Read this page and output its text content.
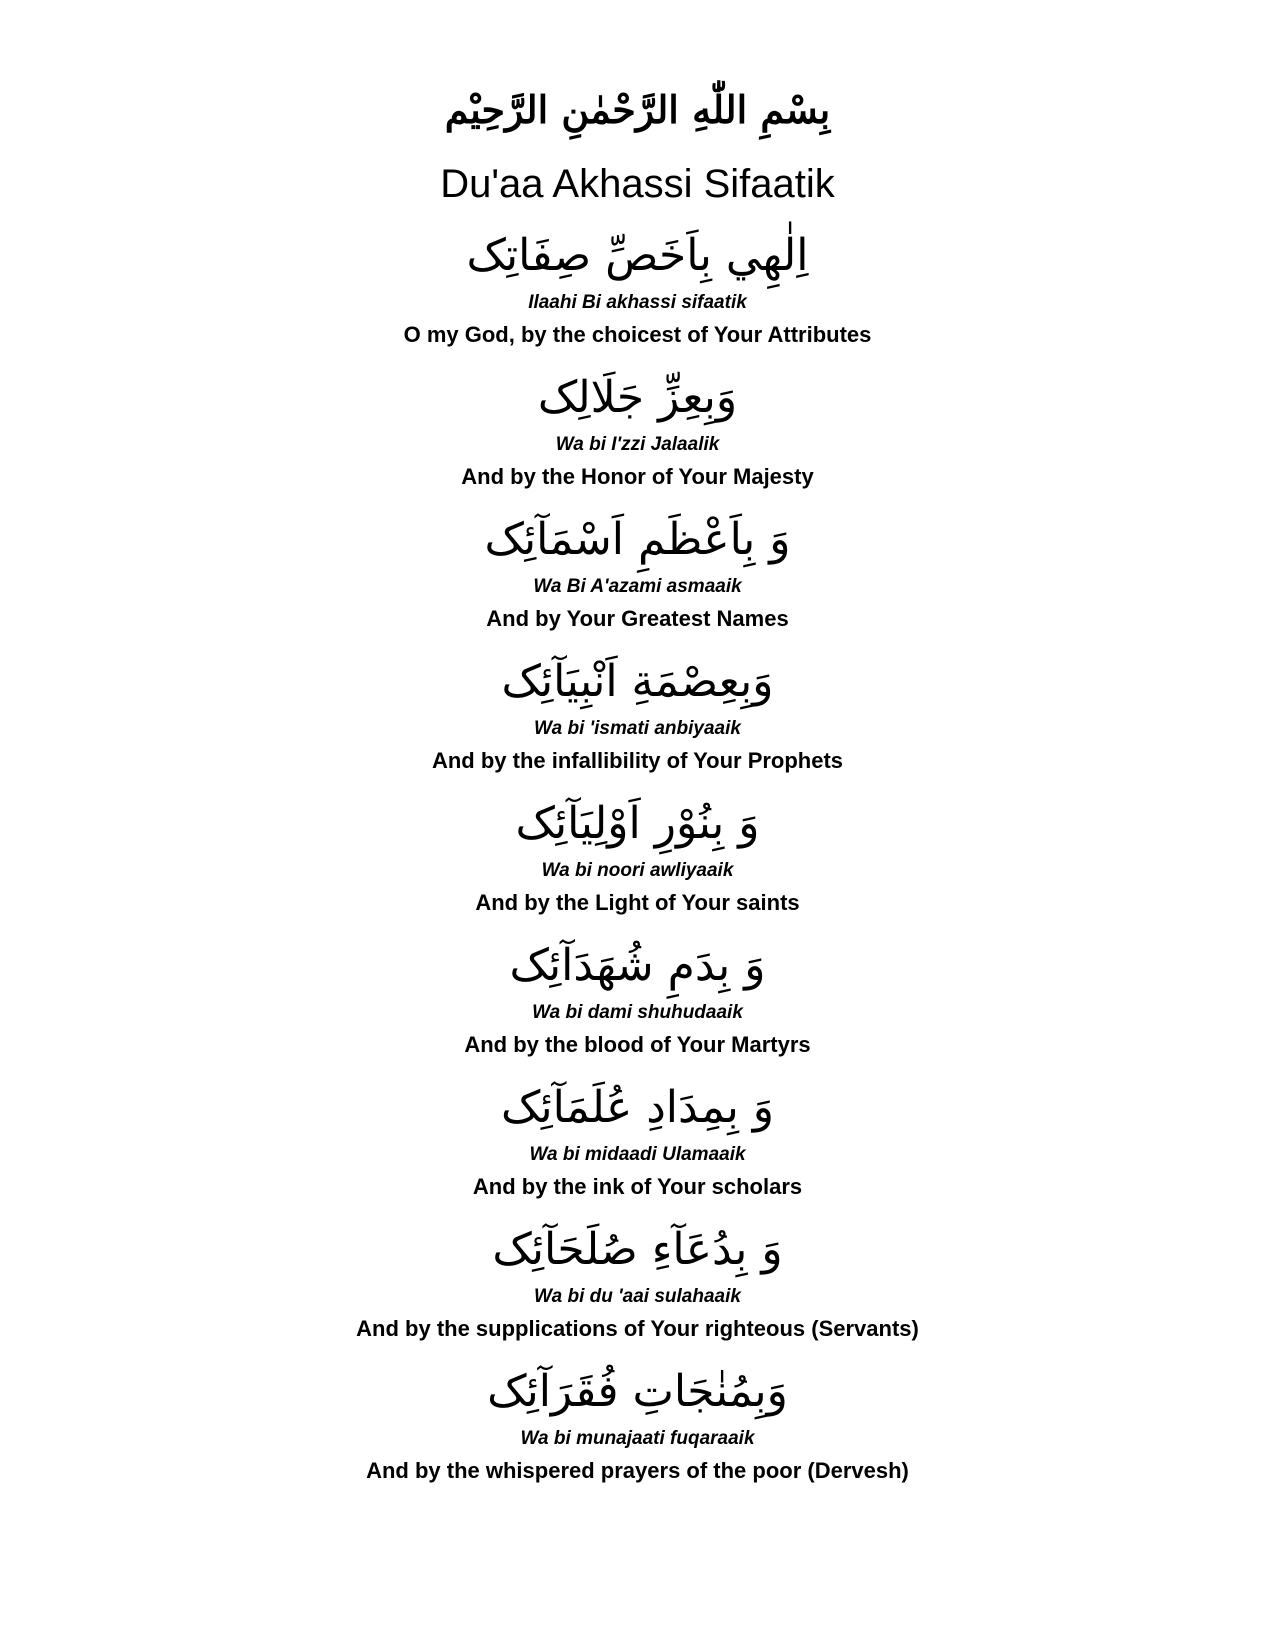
بِسْمِ اللّٰهِ الرَّحْمٰنِ الرَّحِيْم
Du'aa Akhassi Sifaatik
اِلٰهِي بِاَخَصِّ صِفَاتِک
Ilaahi Bi akhassi sifaatik
O my God, by the choicest of Your Attributes
وَبِعِزِّ جَلَالِک
Wa bi I'zzi Jalaalik
And by the Honor of Your Majesty
وَ بِاَعْظَمِ اَسْمَآئِک
Wa Bi A'azami asmaaik
And by Your Greatest Names
وَبِعِصْمَةِ اَنْبِیَآئِک
Wa bi 'ismati anbiyaaik
And by the infallibility of Your Prophets
وَ بِنُوْرِ اَوْلِیَآئِک
Wa bi noori awliyaaik
And by the Light of Your saints
وَ بِدَمِ شُهَدَآئِک
Wa bi dami shuhudaaik
And by the blood of Your Martyrs
وَ بِمِدَادِ عُلَمَآئِک
Wa bi midaadi Ulamaaik
And by the ink of Your scholars
وَ بِدُعَآءِ صُلَحَآئِک
Wa bi du 'aai sulahaaik
And by the supplications of Your righteous (Servants)
وَبِمُنٰجَاتِ فُقَرَآئِک
Wa bi munajaati fuqaraaik
And by the whispered prayers of the poor (Dervesh)
